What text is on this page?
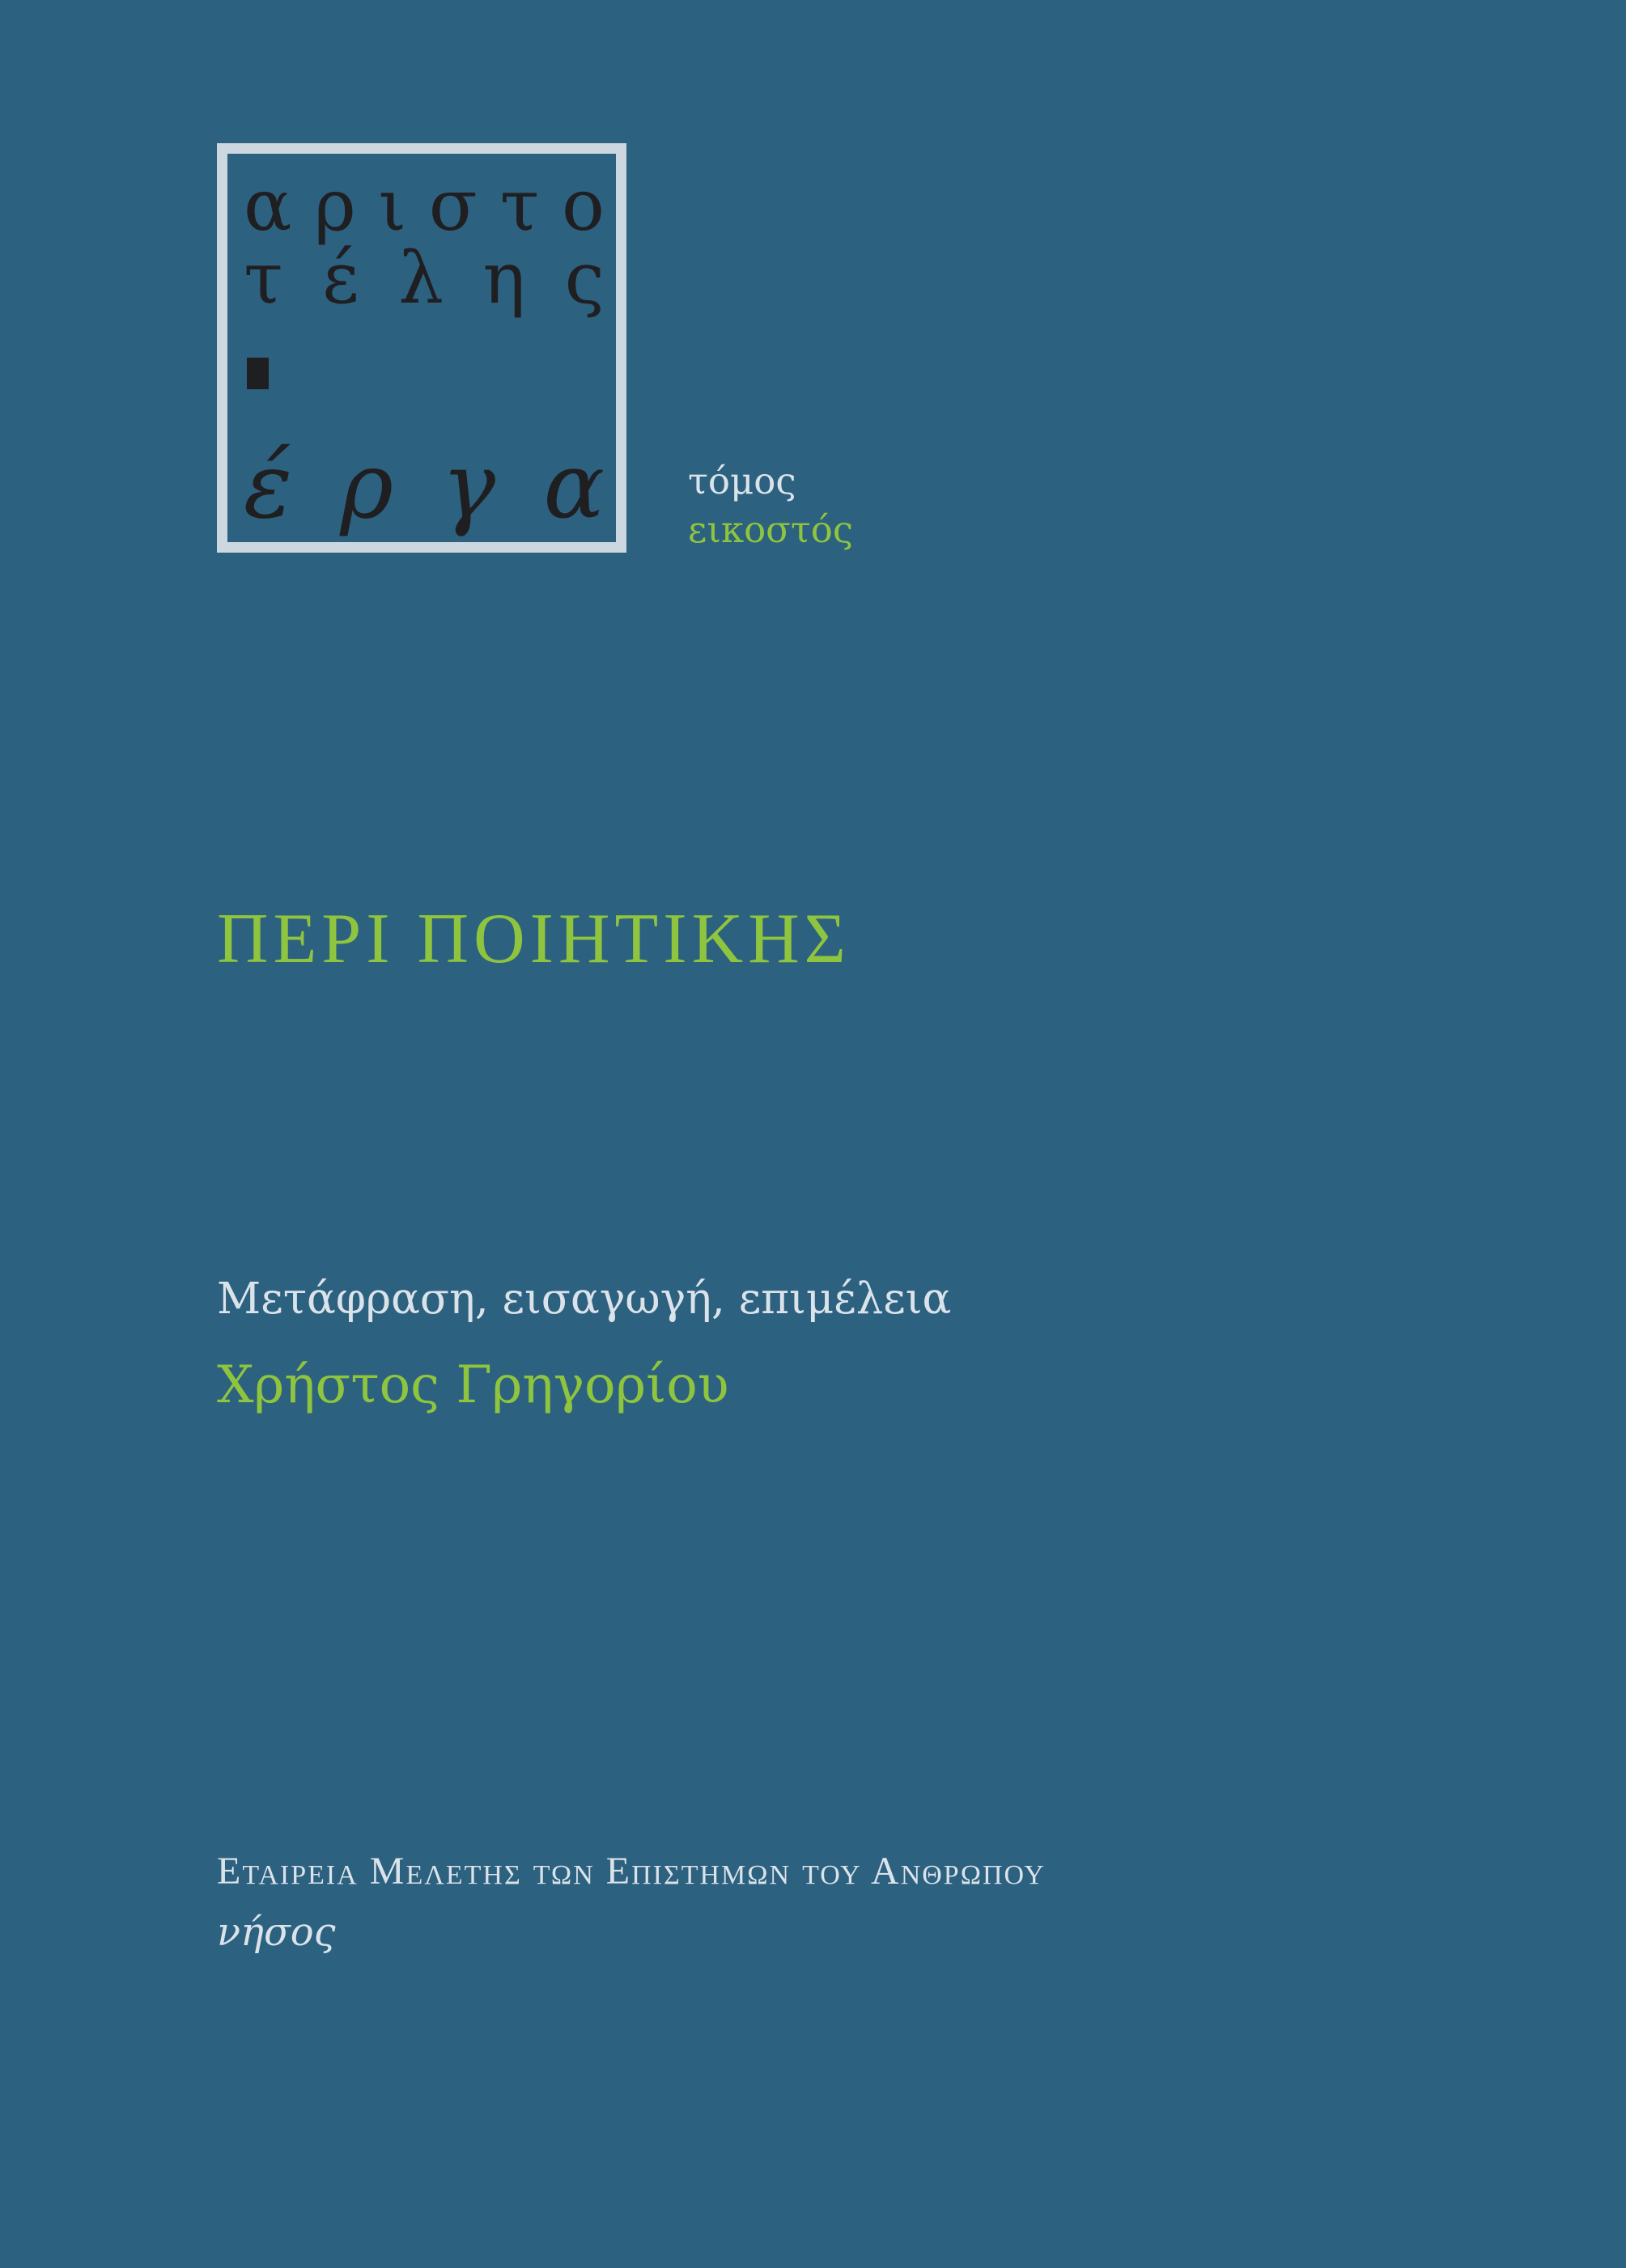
α ρ ι σ τ ο
τ έ λ η ς
έ ρ γ α τόμος
εικοστός
ΠΕΡΙ ΠΟΙΗΤΙΚΗΣ
Μετάφραση, εισαγωγή, επιμέλεια
Χρήστος Γρηγορίου
Εταιρεια Μελετης των Επιστημων του Ανθρωπου
νήσος
